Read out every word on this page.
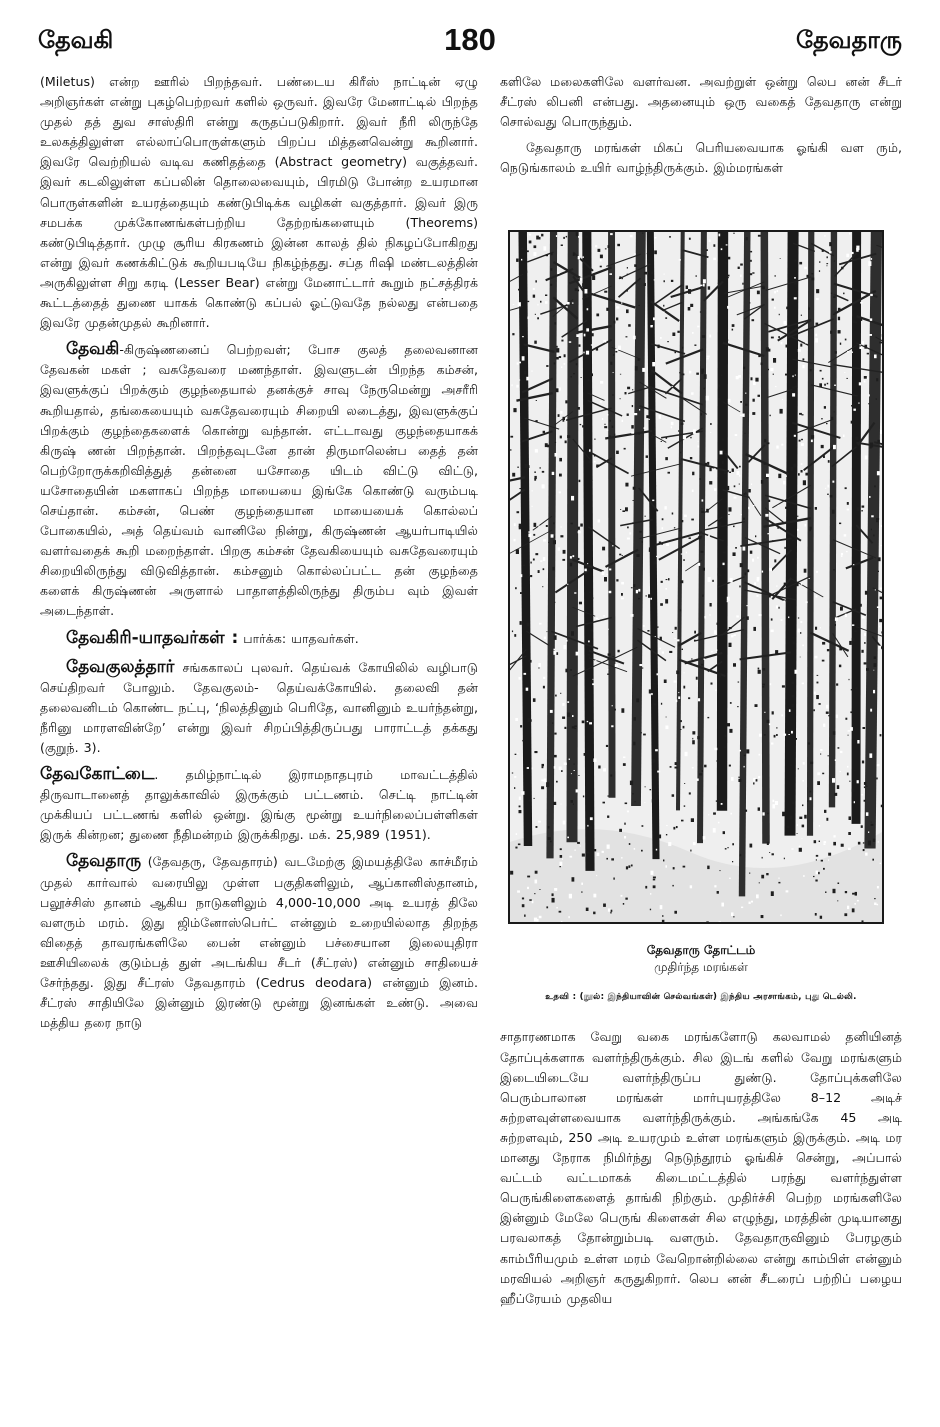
தேவகி	180	தேவதாரு

(Miletus) என்ற ஊரில் பிறந்தவர். பண்டைய கிரீஸ் நாட்டின் ஏழு அறிஞர்கள் என்று புகழ்பெற்றவர் களில் ஒருவர். இவரே மேனாட்டில் பிறந்த முதல் தத் துவ சாஸ்திரி என்று கருதப்படுகிறார். இவர் நீரி லிருந்தே உலகத்திலுள்ள எல்லாப்பொருள்களும் பிறப்ப மித்தனவென்று கூறினார். இவரே வெற்றியல் வடிவ கணிதத்தை (Abstract geometry) வகுத்தவர். இவர் கடலிலுள்ள கப்பலின் தொலைவையும், பிரமிடு போன்ற உயரமான பொருள்களின் உயரத்தையும் கண்டுபிடிக்க வழிகள் வகுத்தார். இவர் இரு சமபக்க முக்கோணங்கள்பற்றிய தேற்றங்களையும் (Theorems) கண்டுபிடித்தார். முழு சூரிய கிரகணம் இன்ன காலத் தில் நிகழப்போகிறது என்று இவர் கணக்கிட்டுக் கூறியபடியே நிகழ்ந்தது. சப்த ரிஷி மண்டலத்தின் அருகிலுள்ள சிறு கரடி (Lesser Bear) என்று மேனாட்டார் கூறும் நட்சத்திரக் கூட்டத்தைத் துணை யாகக் கொண்டு கப்பல் ஓட்டுவதே நல்லது என்பதை இவரே முதன்முதல் கூறினார்.

தேவகி-கிருஷ்ணனைப் பெற்றவள்; போச குலத் தலைவனான தேவகன் மகள் ; வசுதேவரை மணந்தாள். இவளுடன் பிறந்த கம்சன், இவளுக்குப் பிறக்கும் குழந்தையால் தனக்குச் சாவு நேருமென்று அசரீரி கூறியதால், தங்கையையும் வசுதேவரையும் சிறையி லடைத்து, இவளுக்குப் பிறக்கும் குழந்தைகளைக் கொன்று வந்தான். எட்டாவது குழந்தையாகக் கிருஷ் ணன் பிறந்தான். பிறந்தவுடனே தான் திருமாலென்ப தைத் தன் பெற்றோருக்கறிவித்துத் தன்னை யசோதை யிடம் விட்டு விட்டு, யசோதையின் மகளாகப் பிறந்த மாயையை இங்கே கொண்டு வரும்படி செய்தான். கம்சன், பெண் குழந்தையான மாயையைக் கொல்லப் போகையில், அத் தெய்வம் வானிலே நின்று, கிருஷ்ணன் ஆயர்பாடியில் வளர்வதைக் கூறி மறைந்தாள். பிறகு கம்சன் தேவகியையும் வசுதேவரையும் சிறையிலிருந்து விடுவித்தான். கம்சனும் கொல்லப்பட்ட தன் குழந்தை களைக் கிருஷ்ணன் அருளால் பாதாளத்திலிருந்து திரும்ப வும் இவள் அடைந்தாள்.

தேவகிரி-யாதவர்கள் : பார்க்க: யாதவர்கள்.

தேவகுலத்தார் சங்ககாலப் புலவர். தெய்வக் கோயிலில் வழிபாடு செய்திறவர் போலும். தேவகுலம்- தெய்வக்கோயில். தலைவி தன் தலைவனிடம் கொண்ட நட்பு, ‘நிலத்தினும் பெரிதே, வானினும் உயர்ந்தன்று, நீரினு மாரளவின்றே’ என்று இவர் சிறப்பித்திருப்பது பாராட்டத் தக்கது (குறுந். 3).

தேவகோட்டை. தமிழ்நாட்டில் இராமநாதபுரம் மாவட்டத்தில் திருவாடானைத் தாலுக்காவில் இருக்கும் பட்டணம். செட்டி நாட்டின் முக்கியப் பட்டணங் களில் ஒன்று. இங்கு மூன்று உயர்நிலைப்பள்ளிகள் இருக் கின்றன; துணை நீதிமன்றம் இருக்கிறது. மக். 25,989 (1951).

தேவதாரு (தேவதரு, தேவதாரம்) வடமேற்கு இமயத்திலே காச்மீரம் முதல் கார்வால் வரையிலு முள்ள பகுதிகளிலும், ஆப்கானிஸ்தானம், பலூச்சிஸ் தானம் ஆகிய நாடுகளிலும் 4,000-10,000 அடி உயரத் திலே வளரும் மரம். இது ஜிம்னோஸ்பெர்ட் என்னும் உறையில்லாத திறந்த விதைத் தாவரங்களிலே பைன் என்னும் பச்சையான இலையுதிரா ஊசியிலைக் குடும்பத் துள் அடங்கிய சீடர் (சீட்ரஸ்) என்னும் சாதியைச் சேர்ந்தது. இது சீட்ரஸ் தேவதாரம் (Cedrus deodara) என்னும் இனம். சீட்ரஸ் சாதியிலே இன்னும் இரண்டு மூன்று இனங்கள் உண்டு. அவை மத்திய தரை நாடு

களிலே மலைகளிலே வளர்வன. அவற்றுள் ஒன்று லெப னன் சீடர் சீட்ரஸ் லிபனி என்பது. அதனையும் ஒரு வகைத் தேவதாரு என்று சொல்வது பொருந்தும்.

தேவதாரு மரங்கள் மிகப் பெரியவையாக ஓங்கி வள ரும், நெடுங்காலம் உயிர் வாழ்ந்திருக்கும். இம்மரங்கள்

தேவதாரு தோட்டம்
முதிர்ந்த மரங்கள்
உதவி : (நூல்: இந்தியாவின் செல்வங்கள்) இந்திய அரசாங்கம், புது டெல்லி.

சாதாரணமாக வேறு வகை மரங்களோடு கலவாமல் தனியினத் தோப்புக்களாக வளர்ந்திருக்கும். சில இடங் களில் வேறு மரங்களும் இடையிடையே வளர்ந்திருப்ப துண்டு. தோப்புக்களிலே பெரும்பாலான மரங்கள் மார்புயரத்திலே 8–12 அடிச் சுற்றளவுள்ளவையாக வளர்ந்திருக்கும். அங்கங்கே 45 அடி சுற்றளவும், 250 அடி உயரமும் உள்ள மரங்களும் இருக்கும். அடி மர மானது நேராக நிமிர்ந்து நெடுந்தூரம் ஓங்கிச் சென்று, அப்பால் வட்டம் வட்டமாகக் கிடைமட்டத்தில் பரந்து வளர்ந்துள்ள பெருங்கிளைகளைத் தாங்கி நிற்கும். முதிர்ச்சி பெற்ற மரங்களிலே இன்னும் மேலே பெருங் கிளைகள் சில எழுந்து, மரத்தின் முடியானது பரவலாகத் தோன்றும்படி வளரும். தேவதாருவினும் பேரழகும் காம்பீரியமும் உள்ள மரம் வேறொன்றில்லை என்று காம்பிள் என்னும் மரவியல் அறிஞர் கருதுகிறார். லெப னன் சீடரைப் பற்றிப் பழைய ஹீப்ரேயம் முதலிய
